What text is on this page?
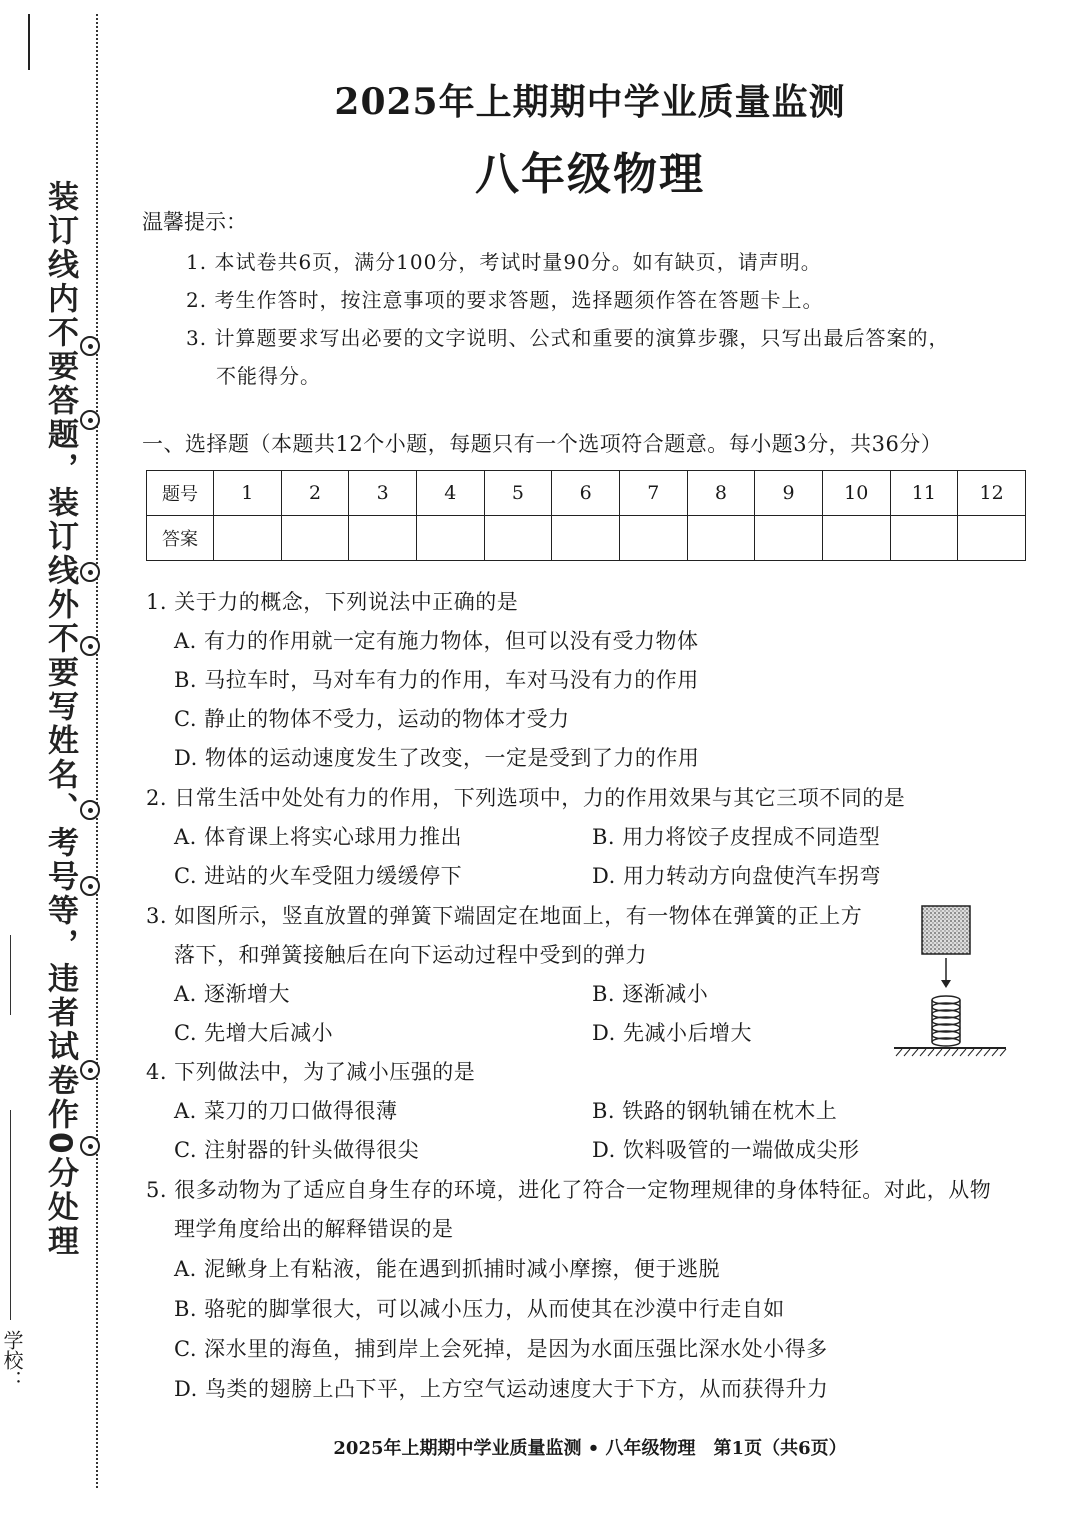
装订线内不要答题，装订线外不要写姓名、考号等，违者试卷作0分处理
学校：
2025年上期期中学业质量监测
八年级物理
温馨提示：
1. 本试卷共6页，满分100分，考试时量90分。如有缺页，请声明。
2. 考生作答时，按注意事项的要求答题，选择题须作答在答题卡上。
3. 计算题要求写出必要的文字说明、公式和重要的演算步骤，只写出最后答案的，
不能得分。
一、选择题（本题共12个小题，每题只有一个选项符合题意。每小题3分，共36分）
题号	1	2	3	4	5	6	7	8	9	10	11	12
答案												
1. 关于力的概念，下列说法中正确的是
A. 有力的作用就一定有施力物体，但可以没有受力物体
B. 马拉车时，马对车有力的作用，车对马没有力的作用
C. 静止的物体不受力，运动的物体才受力
D. 物体的运动速度发生了改变，一定是受到了力的作用
2. 日常生活中处处有力的作用，下列选项中，力的作用效果与其它三项不同的是
A. 体育课上将实心球用力推出	B. 用力将饺子皮捏成不同造型
C. 进站的火车受阻力缓缓停下	D. 用力转动方向盘使汽车拐弯
3. 如图所示，竖直放置的弹簧下端固定在地面上，有一物体在弹簧的正上方
落下，和弹簧接触后在向下运动过程中受到的弹力
A. 逐渐增大	B. 逐渐减小
C. 先增大后减小	D. 先减小后增大
4. 下列做法中，为了减小压强的是
A. 菜刀的刀口做得很薄	B. 铁路的钢轨铺在枕木上
C. 注射器的针头做得很尖	D. 饮料吸管的一端做成尖形
5. 很多动物为了适应自身生存的环境，进化了符合一定物理规律的身体特征。对此，从物
理学角度给出的解释错误的是
A. 泥鳅身上有粘液，能在遇到抓捕时减小摩擦，便于逃脱
B. 骆驼的脚掌很大，可以减小压力，从而使其在沙漠中行走自如
C. 深水里的海鱼，捕到岸上会死掉，是因为水面压强比深水处小得多
D. 鸟类的翅膀上凸下平，上方空气运动速度大于下方，从而获得升力
2025年上期期中学业质量监测 • 八年级物理　第1页（共6页）
